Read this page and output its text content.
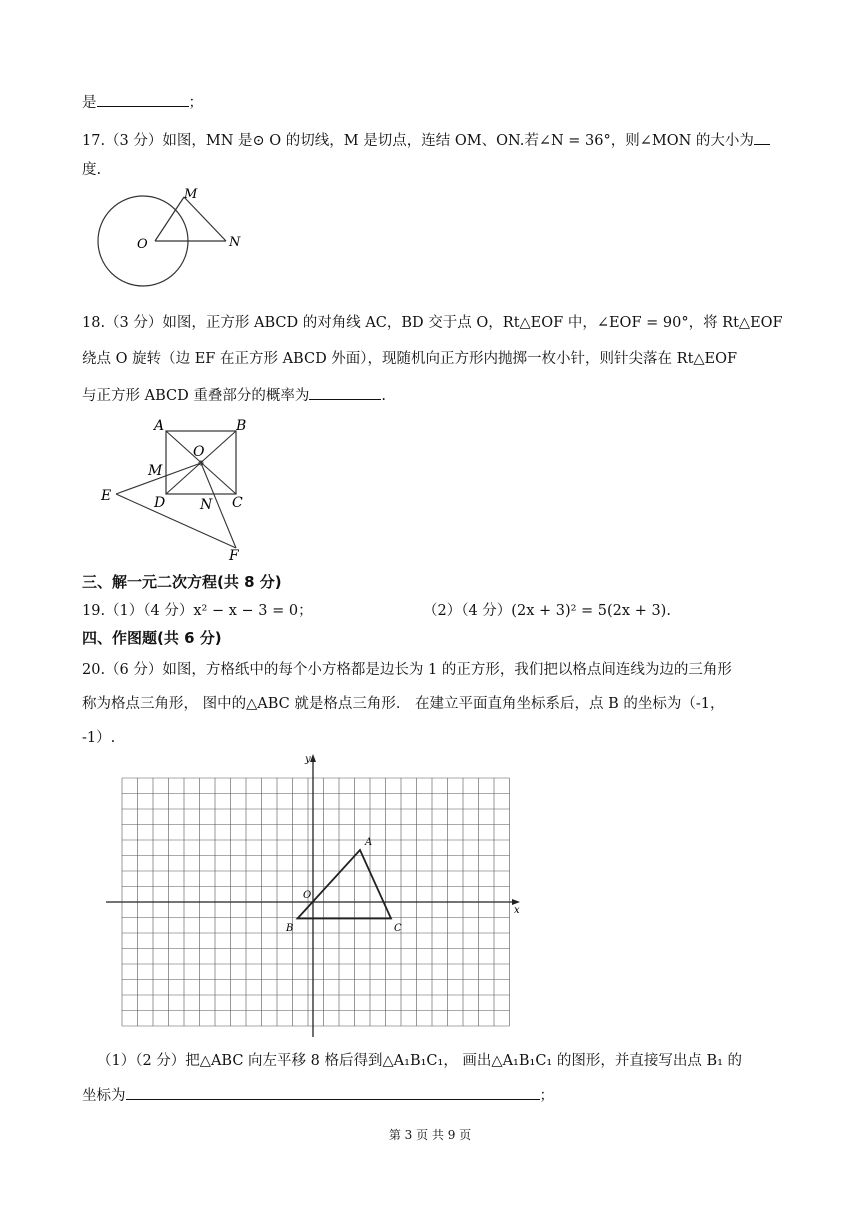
是	；
17.（3 分）如图，MN 是⊙ O 的切线，M 是切点，连结 OM、ON.若∠N = 36°，则∠MON 的大小为
度.
M
O	N
18.（3 分）如图，正方形 ABCD 的对角线 AC，BD 交于点 O，Rt△EOF 中，∠EOF = 90°，将 Rt△EOF
绕点 O 旋转（边 EF 在正方形 ABCD 外面），现随机向正方形内抛掷一枚小针，则针尖落在 Rt△EOF
与正方形 ABCD 重叠部分的概率为	.
A	B
O
M
E	D N C
F
三、解一元二次方程(共 8 分)
19.（1）（4 分）x² − x − 3 = 0；	（2）（4 分）(2x + 3)² = 5(2x + 3).
四、作图题(共 6 分)
20.（6 分）如图，方格纸中的每个小方格都是边长为 1 的正方形，我们把以格点间连线为边的三角形
称为格点三角形， 图中的△ABC 就是格点三角形． 在建立平面直角坐标系后，点 B 的坐标为（-1，
-1）.
y
x
O
A
B	C
（1）（2 分）把△ABC 向左平移 8 格后得到△A₁B₁C₁， 画出△A₁B₁C₁ 的图形，并直接写出点 B₁ 的
坐标为	；
第 3 页 共 9 页
